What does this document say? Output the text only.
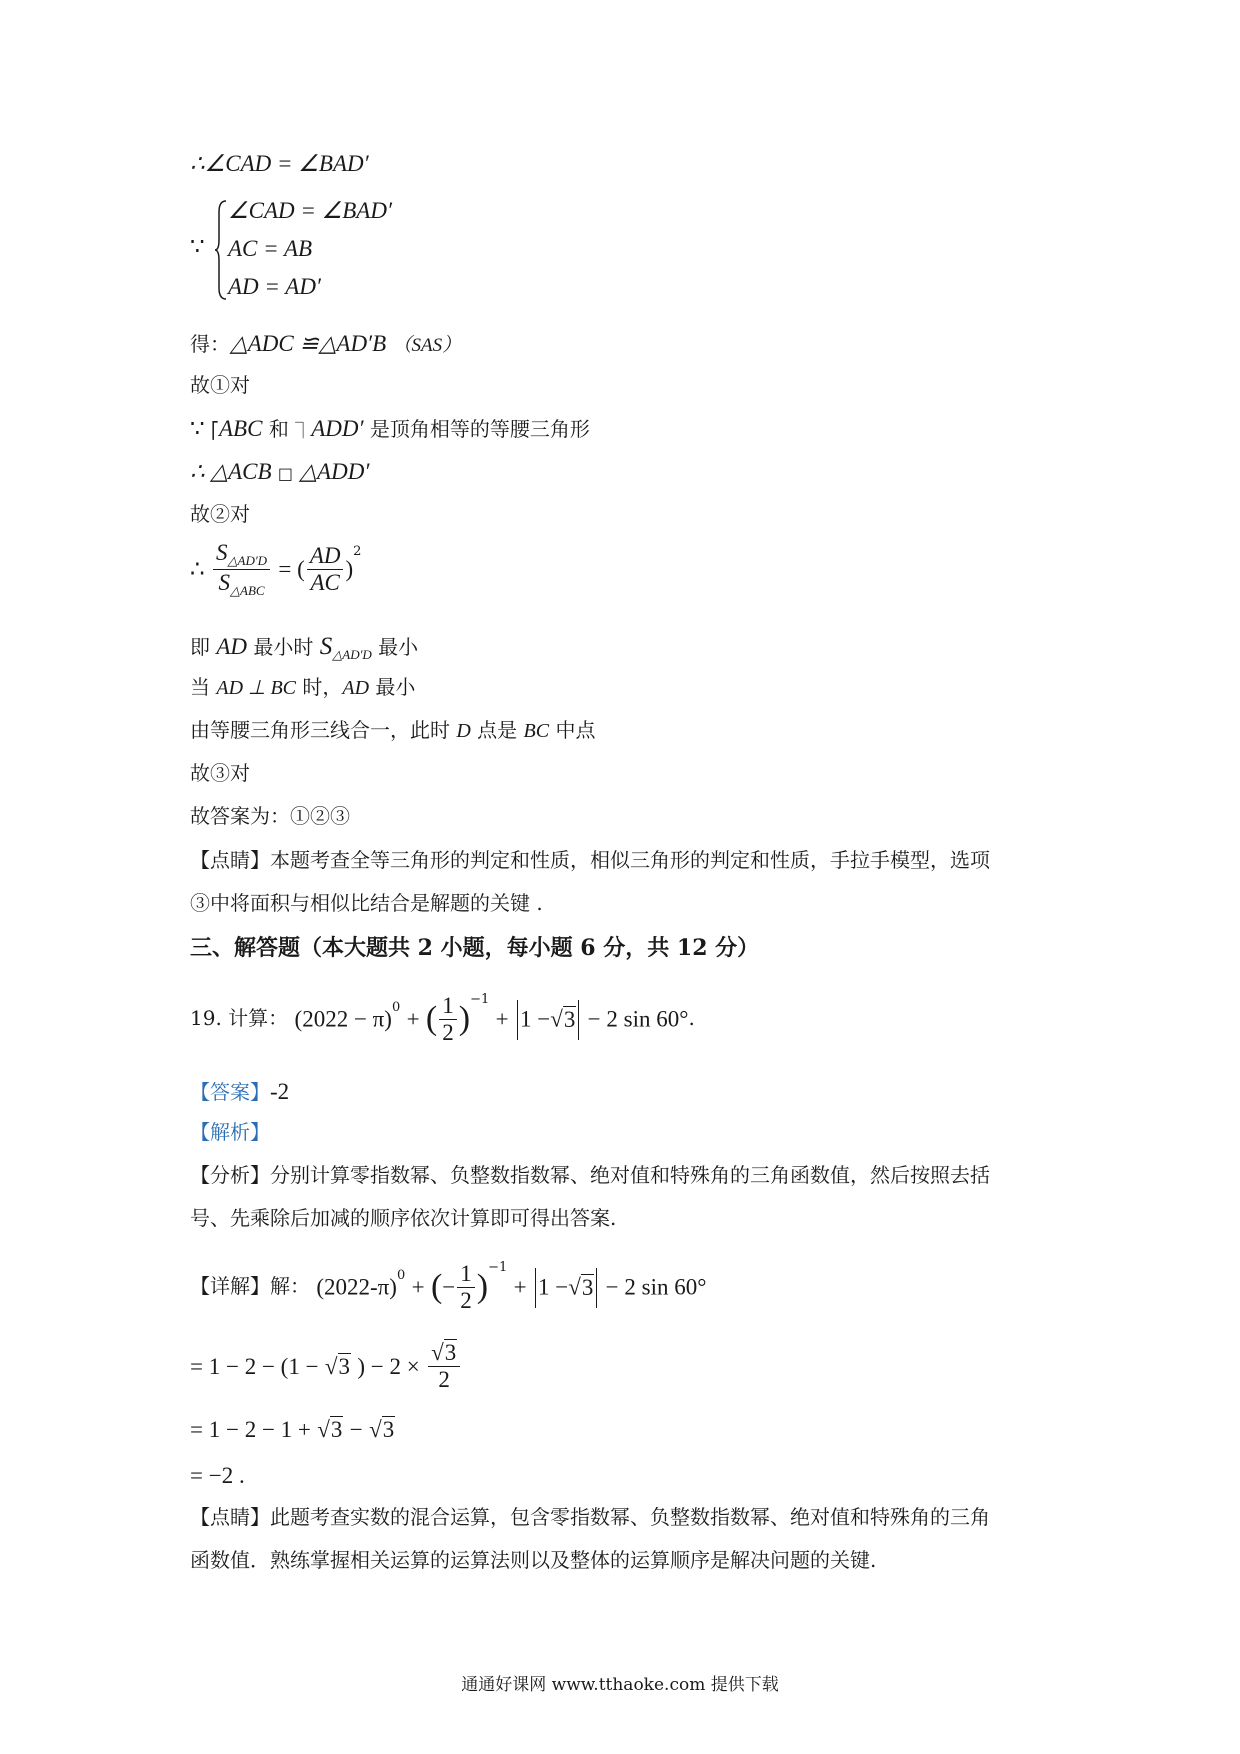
∴∠CAD = ∠BAD′
∵
∠CAD = ∠BAD′
AC = AB
AD = AD′
得：△ADC ≌△AD′B （SAS）
故①对
∵ ⎡ABC 和 ⏋ADD′ 是顶角相等的等腰三角形
∴ △ACB □ △ADD′
故②对
∴ $\frac{S_{\triangle AD'D}}{S_{\triangle ABC}}$ = ( $\frac{AD}{AC} )^2$
即 AD 最小时 $S_{\triangle AD'D}$ 最小
当 AD ⊥ BC 时，AD 最小
由等腰三角形三线合一，此时 D 点是 BC 中点
故③对
故答案为：①②③
【点睛】本题考查全等三角形的判定和性质，相似三角形的判定和性质，手拉手模型，选项
③中将面积与相似比结合是解题的关键 .
三、解答题（本大题共 2 小题，每小题 6 分，共 12 分）
19. 计算： $(2022 - \pi)^0$ + ( $\frac{1}{2} )^{-1} + 1 -√3 - 2$ sin 60°.
【答案】-2
【解析】
【分析】分别计算零指数幂、负整数指数幂、绝对值和特殊角的三角函数值，然后按照去括
号、先乘除后加减的顺序依次计算即可得出答案.
【详解】解： $(2022-\pi)^0$ + (− $\frac{1}{2} )^{-1} + 1 -√3 - 2$ sin 60°
= 1 − 2 − (1 − √3 ) − $2 \times \frac{√3}{2}$
= 1 − 2 − 1 + √3 − √3
= −2 .
【点睛】此题考查实数的混合运算，包含零指数幂、负整数指数幂、绝对值和特殊角的三角
函数值．熟练掌握相关运算的运算法则以及整体的运算顺序是解决问题的关键.
通通好课网 www.tthaoke.com 提供下载
